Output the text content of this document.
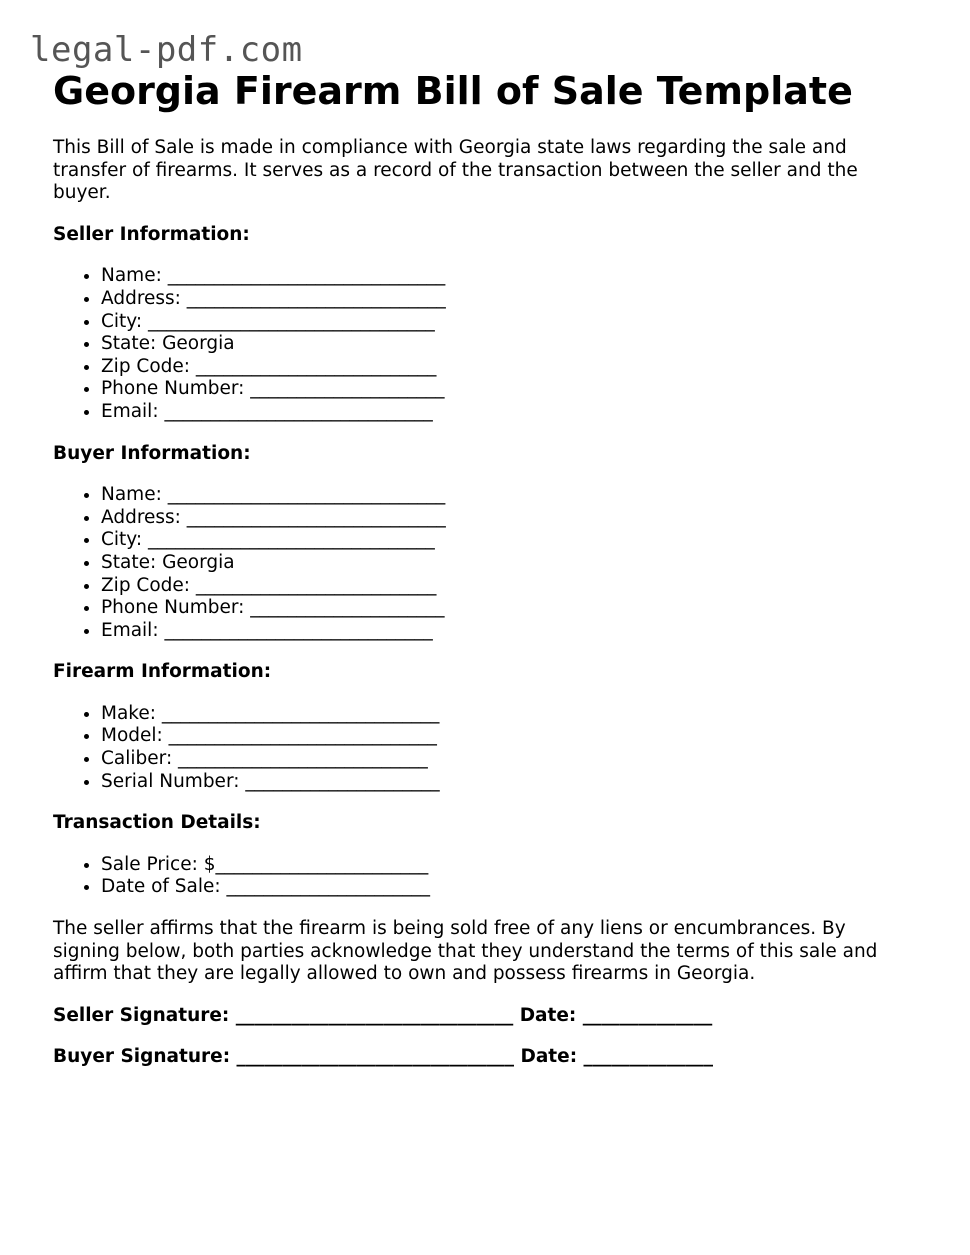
legal-pdf.com
Georgia Firearm Bill of Sale Template

This Bill of Sale is made in compliance with Georgia state laws regarding the sale and transfer of firearms. It serves as a record of the transaction between the seller and the buyer.

Seller Information:
• Name: ______________________________
• Address: ____________________________
• City: _______________________________
• State: Georgia
• Zip Code: __________________________
• Phone Number: _____________________
• Email: _____________________________
Buyer Information:
• Name: ______________________________
• Address: ____________________________
• City: _______________________________
• State: Georgia
• Zip Code: __________________________
• Phone Number: _____________________
• Email: _____________________________
Firearm Information:
• Make: ______________________________
• Model: _____________________________
• Caliber: ___________________________
• Serial Number: _____________________
Transaction Details:
• Sale Price: $_______________________
• Date of Sale: ______________________

The seller affirms that the firearm is being sold free of any liens or encumbrances. By signing below, both parties acknowledge that they understand the terms of this sale and affirm that they are legally allowed to own and possess firearms in Georgia.

Seller Signature: ______________________________ Date: ______________
Buyer Signature: ______________________________ Date: ______________
